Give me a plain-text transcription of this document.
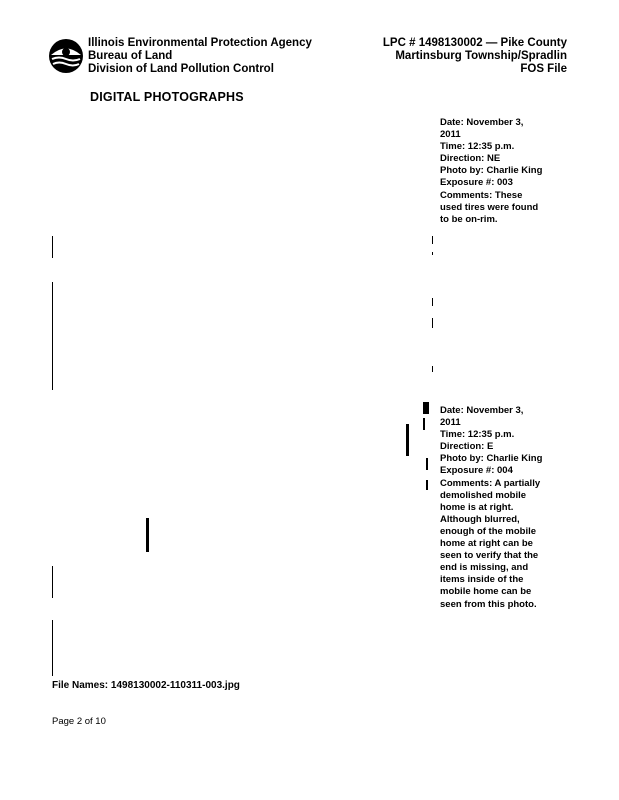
Illinois Environmental Protection Agency
Bureau of Land
Division of Land Pollution Control
LPC # 1498130002 — Pike County
Martinsburg Township/Spradlin
FOS File
DIGITAL PHOTOGRAPHS
Date: November 3,
2011
Time: 12:35 p.m.
Direction: NE
Photo by: Charlie King
Exposure #: 003
Comments: These
used tires were found
to be on-rim.
Date: November 3,
2011
Time: 12:35 p.m.
Direction: E
Photo by: Charlie King
Exposure #: 004
Comments: A partially
demolished mobile
home is at right.
Although blurred,
enough of the mobile
home at right can be
seen to verify that the
end is missing, and
items inside of the
mobile home can be
seen from this photo.
File Names: 1498130002-110311-003.jpg
Page 2 of 10
